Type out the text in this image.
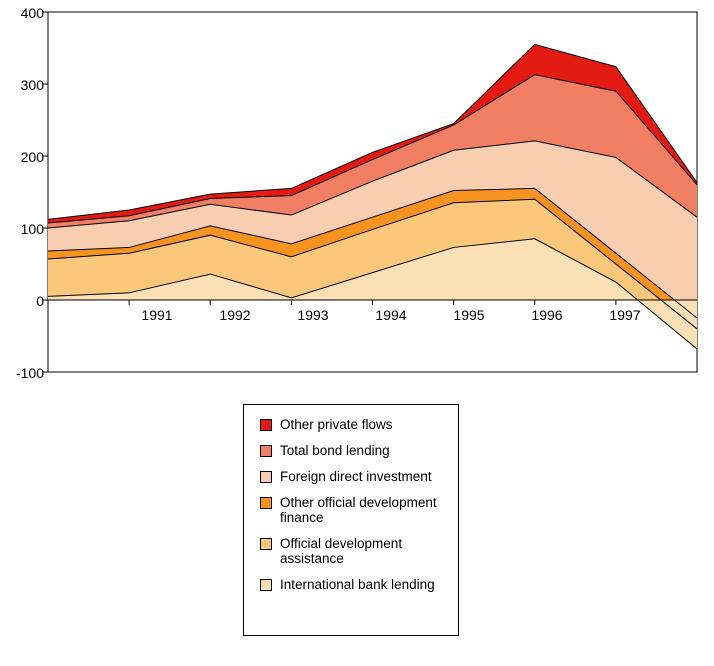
400
300
200
100
0
-100
1991	1992	1993	1994	1995	1996	1997
Other private flows
Total bond lending
Foreign direct investment
Other official development finance
Official development assistance
International bank lending
